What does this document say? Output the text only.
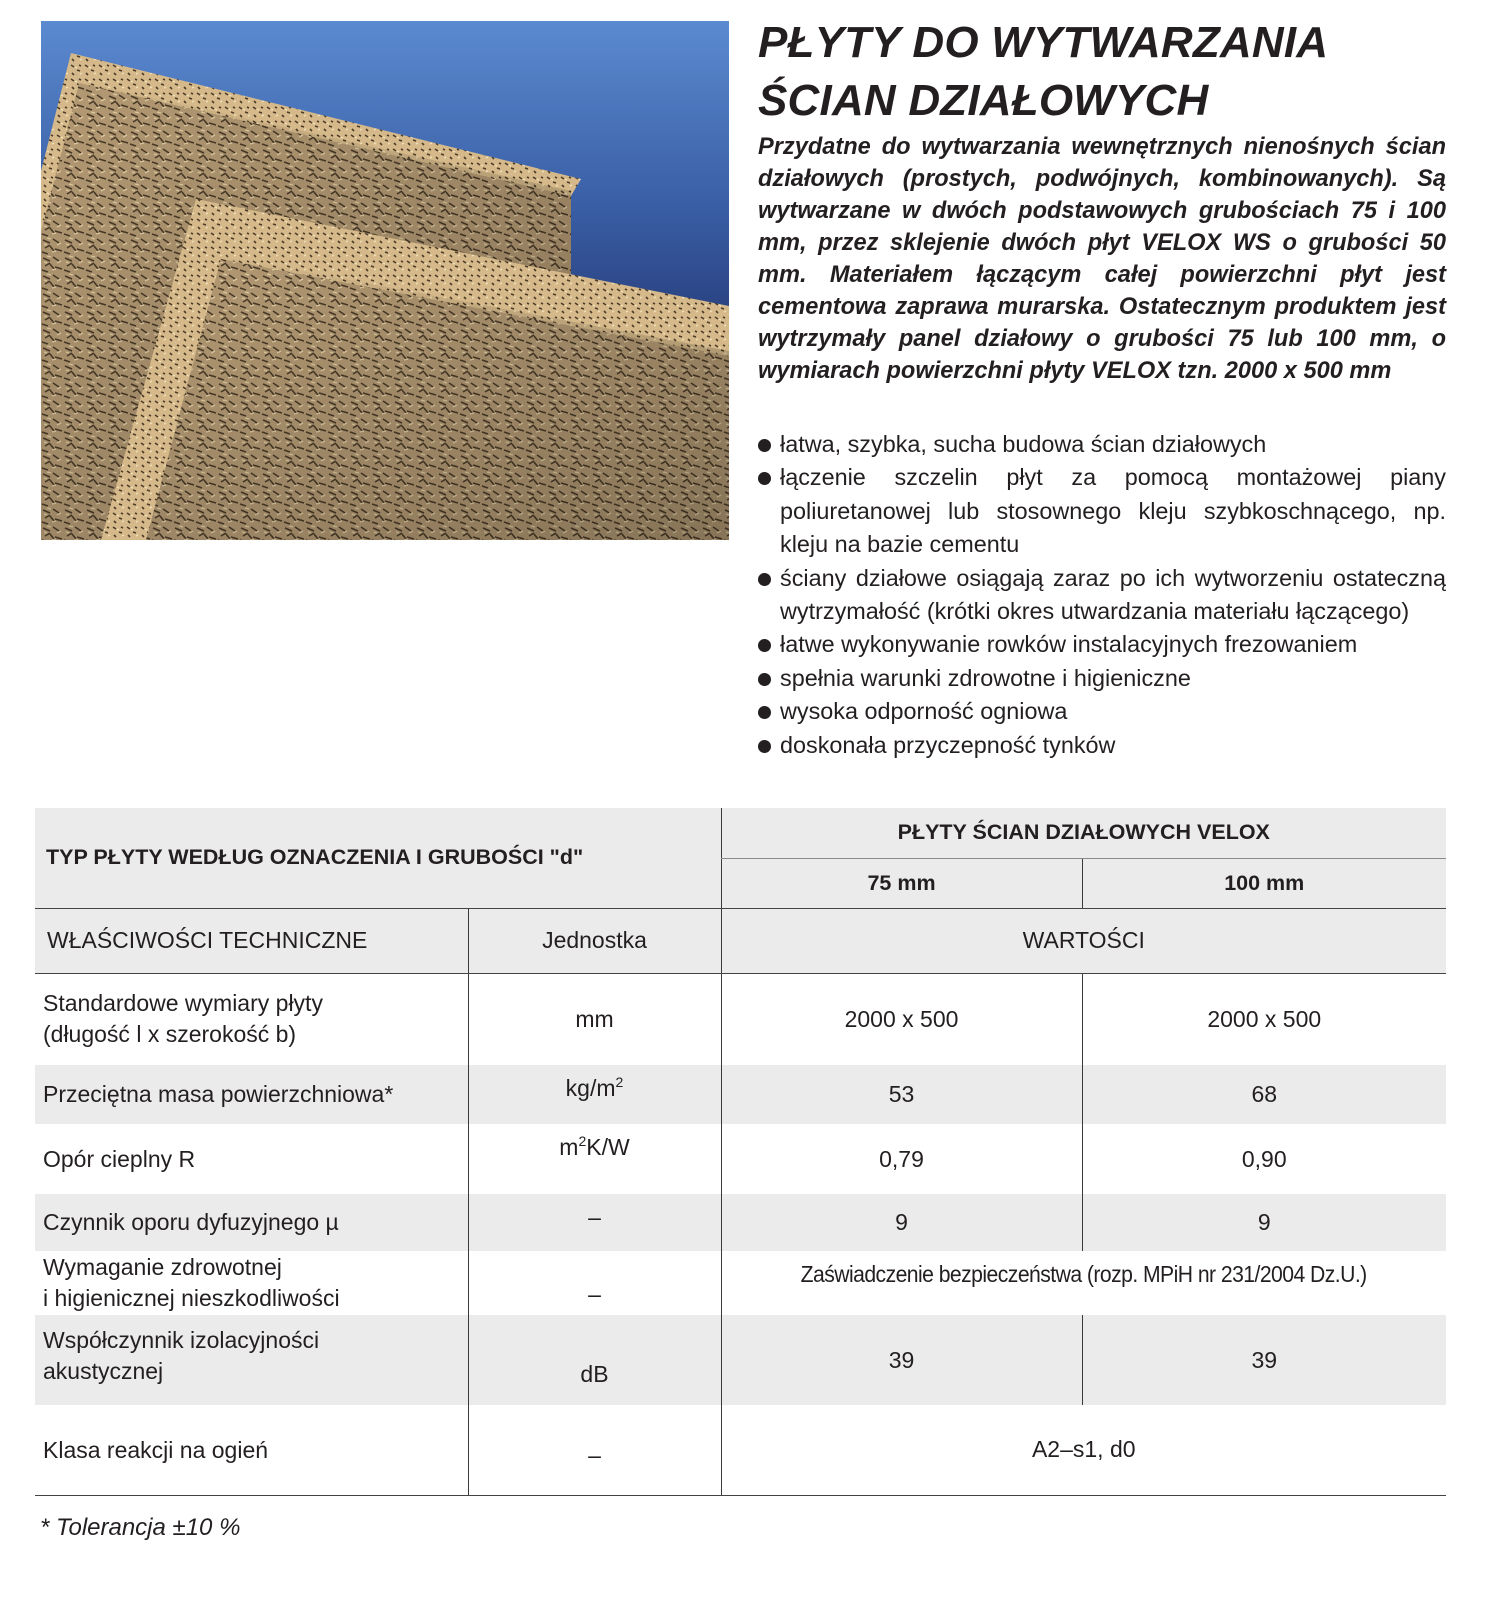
PŁYTY DO WYTWARZANIA
ŚCIAN DZIAŁOWYCH

Przydatne do wytwarzania wewnętrznych nienośnych ścian działowych (prostych, podwójnych, kombinowanych). Są wytwarzane w dwóch podstawowych grubościach 75 i 100 mm, przez sklejenie dwóch płyt VELOX WS o grubości 50 mm. Materiałem łączącym całej powierzchni płyt jest cementowa zaprawa murarska. Ostatecznym produktem jest wytrzymały panel działowy o grubości 75 lub 100 mm, o wymiarach powierzchni płyty VELOX tzn. 2000 x 500 mm

łatwa, szybka, sucha budowa ścian działowych
łączenie szczelin płyt za pomocą montażowej piany poliuretanowej lub stosownego kleju szybkoschnącego, np. kleju na bazie cementu
ściany działowe osiągają zaraz po ich wytworzeniu ostateczną wytrzymałość (krótki okres utwardzania materiału łączącego)
łatwe wykonywanie rowków instalacyjnych frezowaniem
spełnia warunki zdrowotne i higieniczne
wysoka odporność ogniowa
doskonała przyczepność tynków
TYP PŁYTY WEDŁUG OZNACZENIA I GRUBOŚCI "d"		PŁYTY ŚCIAN DZIAŁOWYCH VELOX	
		75 mm	100 mm
WŁAŚCIWOŚCI TECHNICZNE	Jednostka	WARTOŚCI	
Standardowe wymiary płyty
(długość l x szerokość b)	mm	2000 x 500	2000 x 500
Przeciętna masa powierzchniowa*	$kg/m^2$	53	68
Opór cieplny R	$m^2K/W$	0,79	0,90
Czynnik oporu dyfuzyjnego µ	–	9	9
Wymaganie zdrowotnej
i higienicznej nieszkodliwości	–	Zaświadczenie bezpieczeństwa (rozp. MPiH nr 231/2004 Dz.U.)	
Współczynnik izolacyjności
akustycznej	dB	39	39
Klasa reakcji na ogień	–	A2–s1, d0	

* Tolerancja ±10 %
